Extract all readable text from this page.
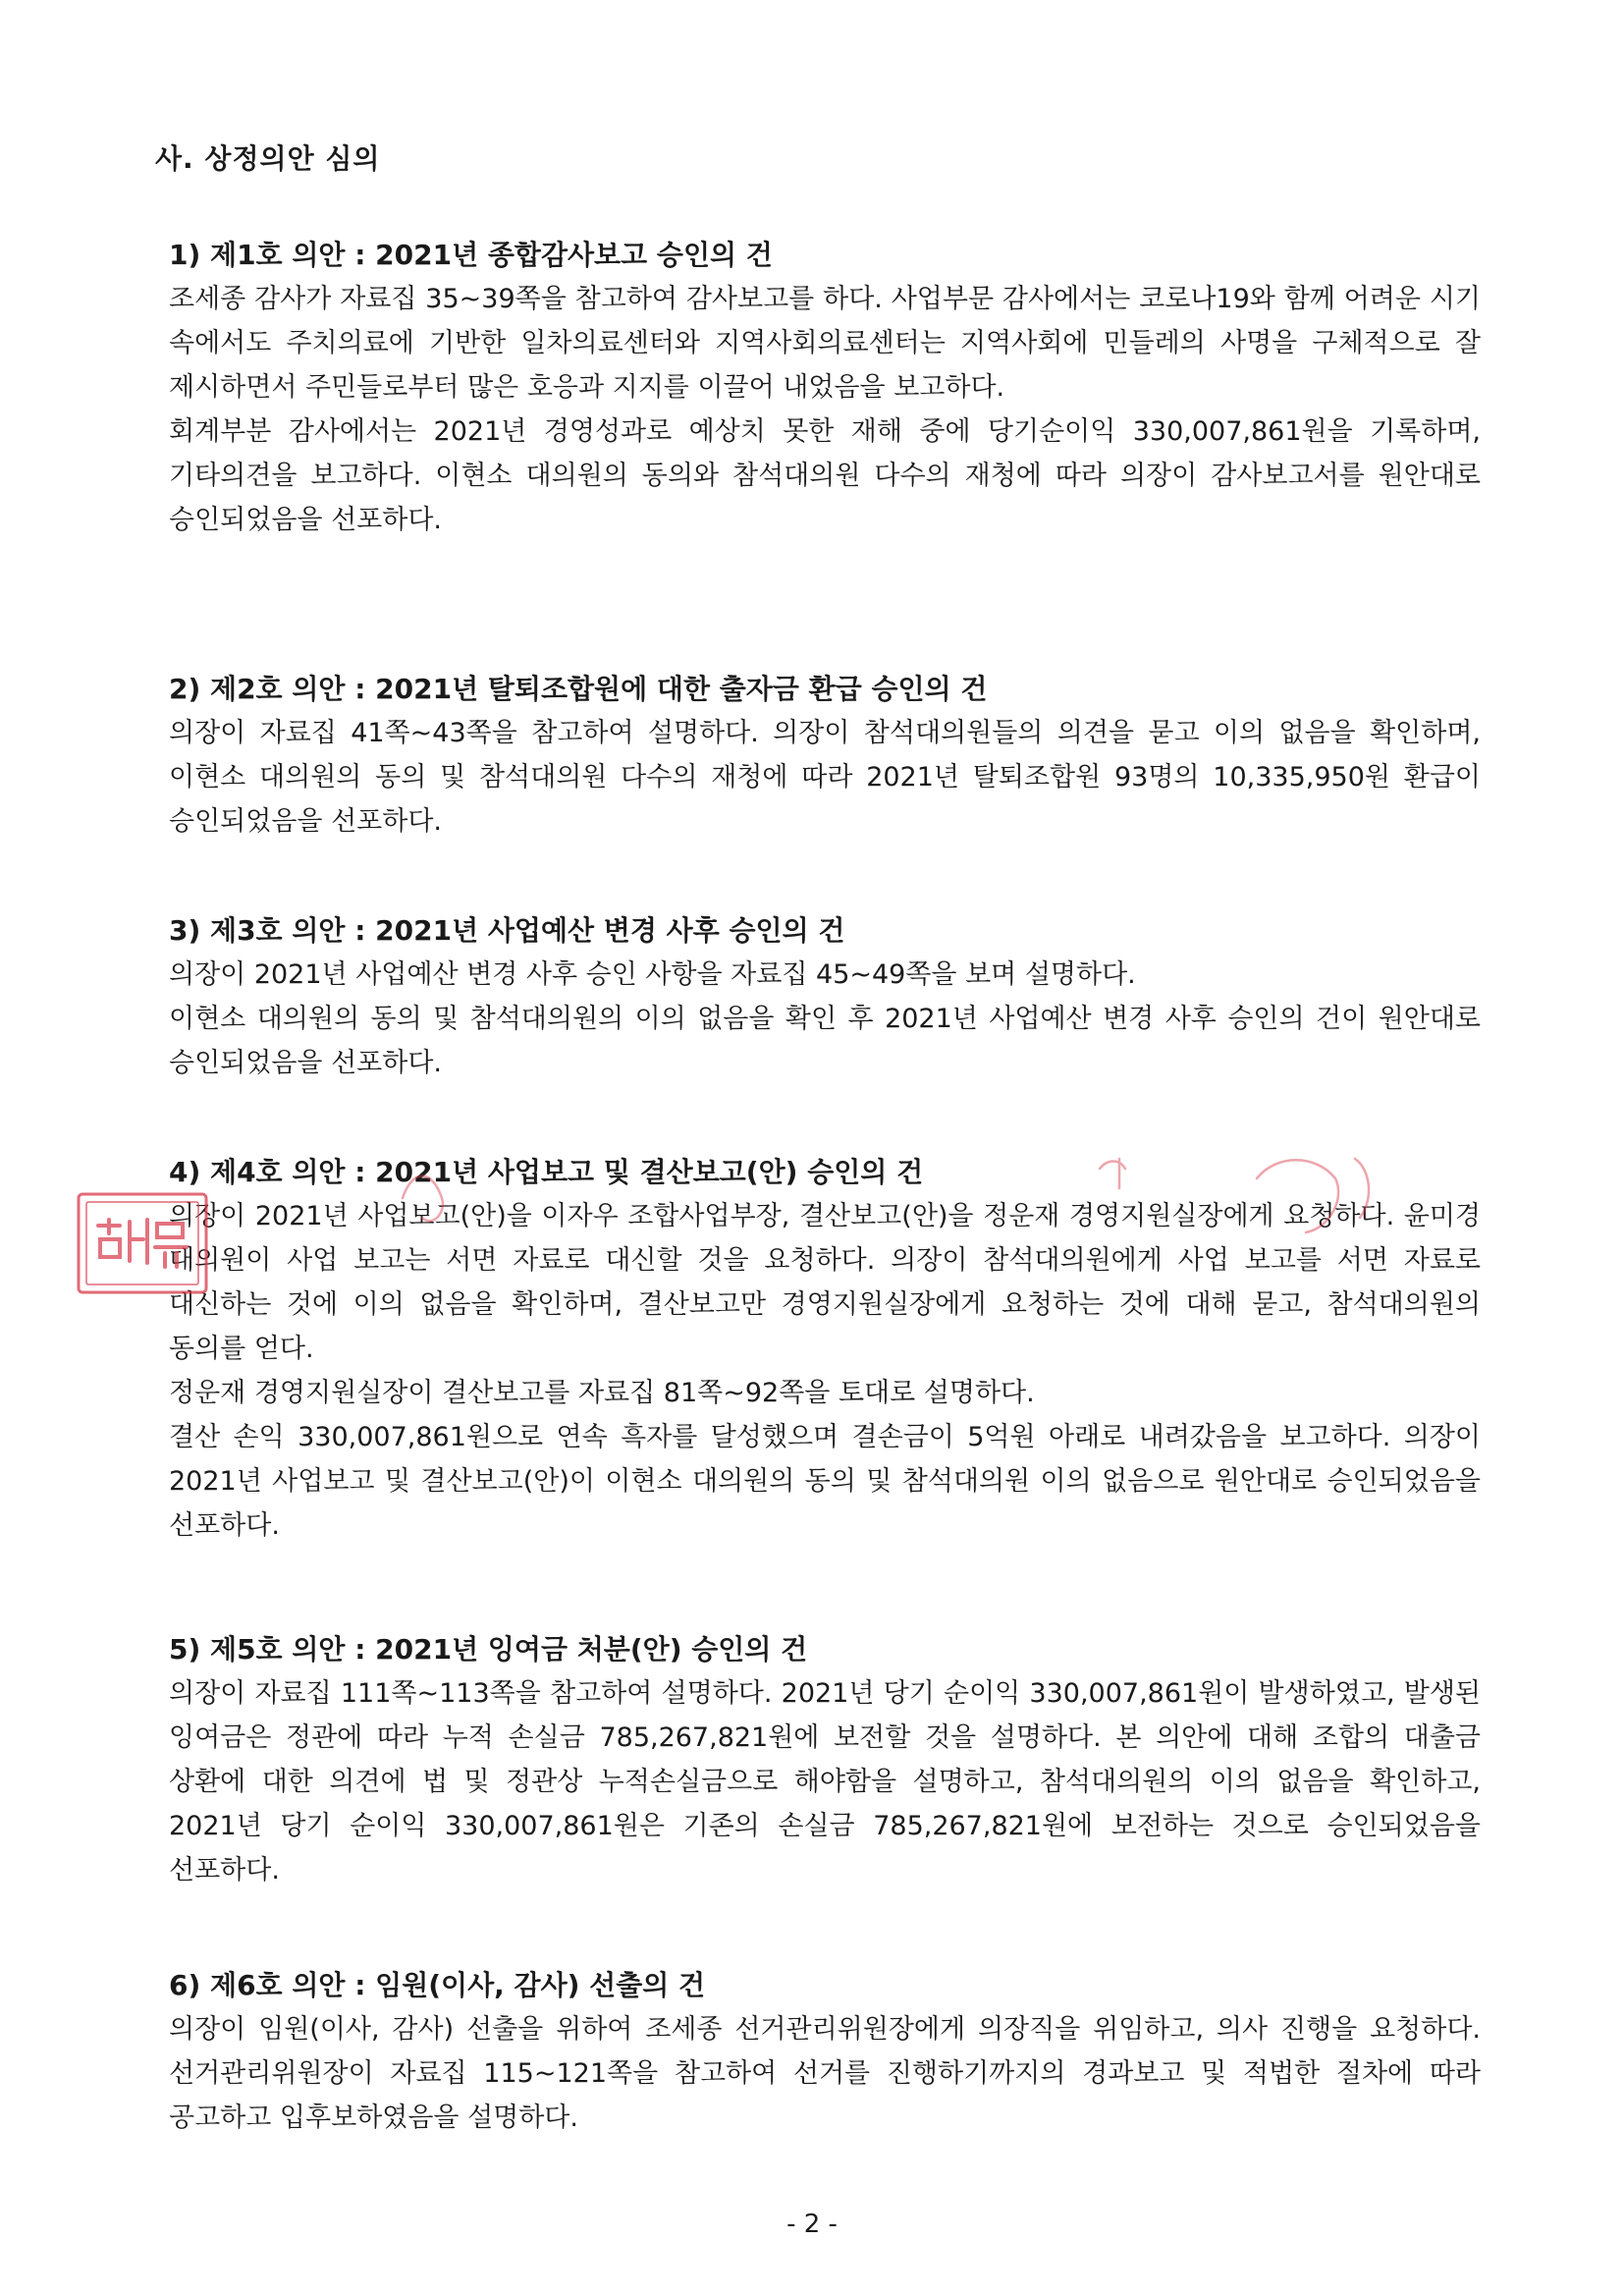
사. 상정의안 심의
1) 제1호 의안 : 2021년 종합감사보고 승인의 건
조세종 감사가 자료집 35~39쪽을 참고하여 감사보고를 하다. 사업부문 감사에서는 코로나19와 함께 어려운 시기 속에서도 주치의료에 기반한 일차의료센터와 지역사회의료센터는 지역사회에 민들레의 사명을 구체적으로 잘 제시하면서 주민들로부터 많은 호응과 지지를 이끌어 내었음을 보고하다.
회계부분 감사에서는 2021년 경영성과로 예상치 못한 재해 중에 당기순이익 330,007,861원을 기록하며, 기타의견을 보고하다. 이현소 대의원의 동의와 참석대의원 다수의 재청에 따라 의장이 감사보고서를 원안대로 승인되었음을 선포하다.
2) 제2호 의안 : 2021년 탈퇴조합원에 대한 출자금 환급 승인의 건
의장이 자료집 41쪽~43쪽을 참고하여 설명하다. 의장이 참석대의원들의 의견을 묻고 이의 없음을 확인하며, 이현소 대의원의 동의 및 참석대의원 다수의 재청에 따라 2021년 탈퇴조합원 93명의 10,335,950원 환급이 승인되었음을 선포하다.
3) 제3호 의안 : 2021년 사업예산 변경 사후 승인의 건
의장이 2021년 사업예산 변경 사후 승인 사항을 자료집 45~49쪽을 보며 설명하다.
이현소 대의원의 동의 및 참석대의원의 이의 없음을 확인 후 2021년 사업예산 변경 사후 승인의 건이 원안대로 승인되었음을 선포하다.
4) 제4호 의안 : 2021년 사업보고 및 결산보고(안) 승인의 건
의장이 2021년 사업보고(안)을 이자우 조합사업부장, 결산보고(안)을 정운재 경영지원실장에게 요청하다. 윤미경 대의원이 사업 보고는 서면 자료로 대신할 것을 요청하다. 의장이 참석대의원에게 사업 보고를 서면 자료로 대신하는 것에 이의 없음을 확인하며, 결산보고만 경영지원실장에게 요청하는 것에 대해 묻고, 참석대의원의 동의를 얻다.
정운재 경영지원실장이 결산보고를 자료집 81쪽~92쪽을 토대로 설명하다.
결산 손익 330,007,861원으로 연속 흑자를 달성했으며 결손금이 5억원 아래로 내려갔음을 보고하다. 의장이 2021년 사업보고 및 결산보고(안)이 이현소 대의원의 동의 및 참석대의원 이의 없음으로 원안대로 승인되었음을 선포하다.
5) 제5호 의안 : 2021년 잉여금 처분(안) 승인의 건
의장이 자료집 111쪽~113쪽을 참고하여 설명하다. 2021년 당기 순이익 330,007,861원이 발생하였고, 발생된 잉여금은 정관에 따라 누적 손실금 785,267,821원에 보전할 것을 설명하다. 본 의안에 대해 조합의 대출금 상환에 대한 의견에 법 및 정관상 누적손실금으로 해야함을 설명하고, 참석대의원의 이의 없음을 확인하고, 2021년 당기 순이익 330,007,861원은 기존의 손실금 785,267,821원에 보전하는 것으로 승인되었음을 선포하다.
6) 제6호 의안 : 임원(이사, 감사) 선출의 건
의장이 임원(이사, 감사) 선출을 위하여 조세종 선거관리위원장에게 의장직을 위임하고, 의사 진행을 요청하다. 선거관리위원장이 자료집 115~121쪽을 참고하여 선거를 진행하기까지의 경과보고 및 적법한 절차에 따라 공고하고 입후보하였음을 설명하다.
- 2 -
